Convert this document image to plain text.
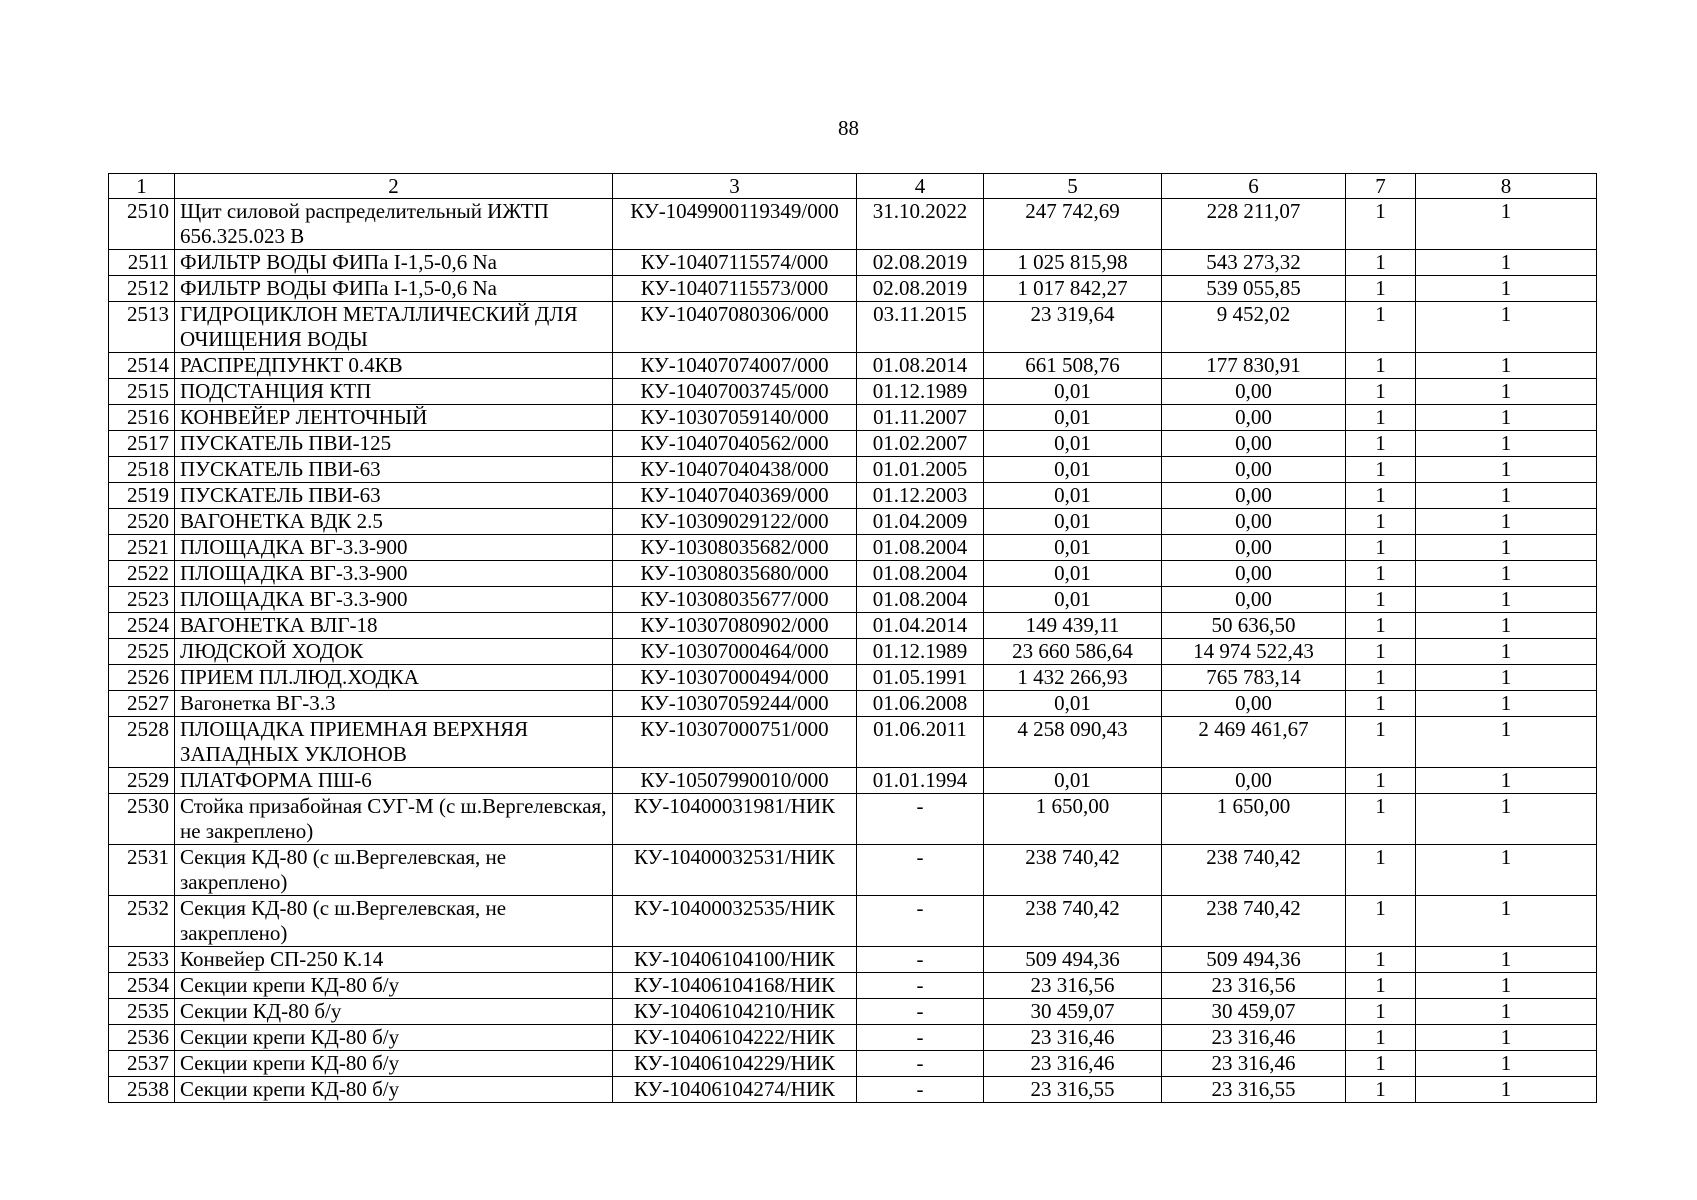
88
1	2	3	4	5	6	7	8
2510	Щит силовой распределительный ИЖТП 656.325.023 В	КУ-1049900119349/000	31.10.2022	247 742,69	228 211,07	1	1
2511	ФИЛЬТР ВОДЫ ФИПа I-1,5-0,6 Na	КУ-10407115574/000	02.08.2019	1 025 815,98	543 273,32	1	1
2512	ФИЛЬТР ВОДЫ ФИПа I-1,5-0,6 Na	КУ-10407115573/000	02.08.2019	1 017 842,27	539 055,85	1	1
2513	ГИДРОЦИКЛОН МЕТАЛЛИЧЕСКИЙ ДЛЯ ОЧИЩЕНИЯ ВОДЫ	КУ-10407080306/000	03.11.2015	23 319,64	9 452,02	1	1
2514	РАСПРЕДПУНКТ 0.4КВ	КУ-10407074007/000	01.08.2014	661 508,76	177 830,91	1	1
2515	ПОДСТАНЦИЯ КТП	КУ-10407003745/000	01.12.1989	0,01	0,00	1	1
2516	КОНВЕЙЕР ЛЕНТОЧНЫЙ	КУ-10307059140/000	01.11.2007	0,01	0,00	1	1
2517	ПУСКАТЕЛЬ ПВИ-125	КУ-10407040562/000	01.02.2007	0,01	0,00	1	1
2518	ПУСКАТЕЛЬ ПВИ-63	КУ-10407040438/000	01.01.2005	0,01	0,00	1	1
2519	ПУСКАТЕЛЬ ПВИ-63	КУ-10407040369/000	01.12.2003	0,01	0,00	1	1
2520	ВАГОНЕТКА ВДК 2.5	КУ-10309029122/000	01.04.2009	0,01	0,00	1	1
2521	ПЛОЩАДКА ВГ-3.3-900	КУ-10308035682/000	01.08.2004	0,01	0,00	1	1
2522	ПЛОЩАДКА ВГ-3.3-900	КУ-10308035680/000	01.08.2004	0,01	0,00	1	1
2523	ПЛОЩАДКА ВГ-3.3-900	КУ-10308035677/000	01.08.2004	0,01	0,00	1	1
2524	ВАГОНЕТКА ВЛГ-18	КУ-10307080902/000	01.04.2014	149 439,11	50 636,50	1	1
2525	ЛЮДСКОЙ ХОДОК	КУ-10307000464/000	01.12.1989	23 660 586,64	14 974 522,43	1	1
2526	ПРИЕМ ПЛ.ЛЮД.ХОДКА	КУ-10307000494/000	01.05.1991	1 432 266,93	765 783,14	1	1
2527	Вагонетка ВГ-3.3	КУ-10307059244/000	01.06.2008	0,01	0,00	1	1
2528	ПЛОЩАДКА ПРИЕМНАЯ ВЕРХНЯЯ ЗАПАДНЫХ УКЛОНОВ	КУ-10307000751/000	01.06.2011	4 258 090,43	2 469 461,67	1	1
2529	ПЛАТФОРМА ПШ-6	КУ-10507990010/000	01.01.1994	0,01	0,00	1	1
2530	Стойка призабойная СУГ-М (с ш.Вергелевская, не закреплено)	КУ-10400031981/НИК	-	1 650,00	1 650,00	1	1
2531	Секция КД-80 (с ш.Вергелевская, не закреплено)	КУ-10400032531/НИК	-	238 740,42	238 740,42	1	1
2532	Секция КД-80 (с ш.Вергелевская, не закреплено)	КУ-10400032535/НИК	-	238 740,42	238 740,42	1	1
2533	Конвейер СП-250 К.14	КУ-10406104100/НИК	-	509 494,36	509 494,36	1	1
2534	Секции крепи КД-80 б/у	КУ-10406104168/НИК	-	23 316,56	23 316,56	1	1
2535	Секции КД-80 б/у	КУ-10406104210/НИК	-	30 459,07	30 459,07	1	1
2536	Секции крепи КД-80 б/у	КУ-10406104222/НИК	-	23 316,46	23 316,46	1	1
2537	Секции крепи КД-80 б/у	КУ-10406104229/НИК	-	23 316,46	23 316,46	1	1
2538	Секции крепи КД-80 б/у	КУ-10406104274/НИК	-	23 316,55	23 316,55	1	1
